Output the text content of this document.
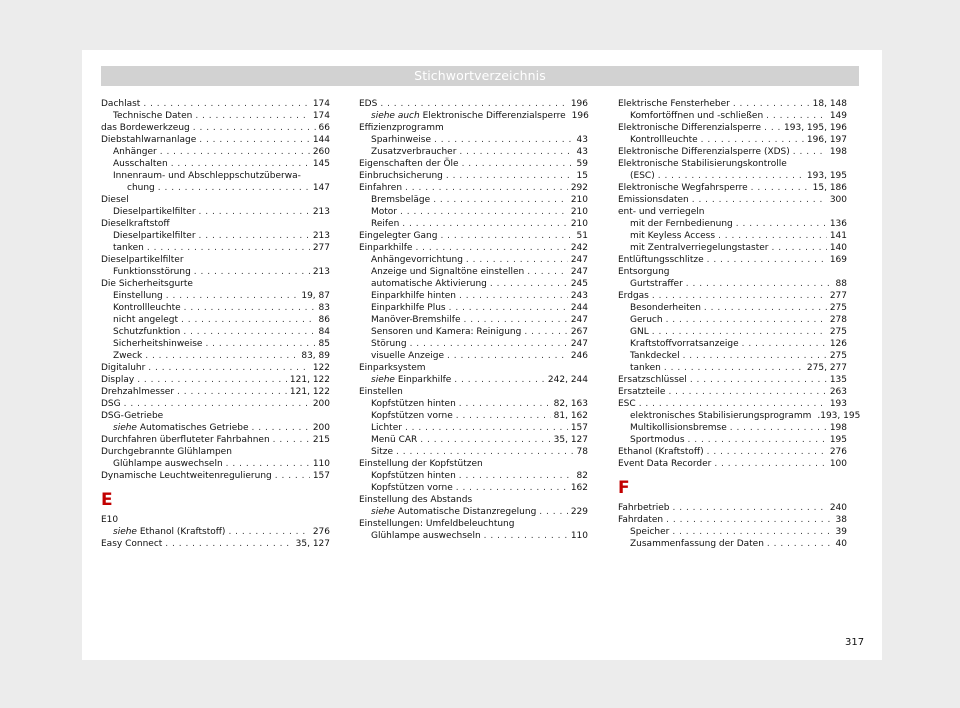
Stichwortverzeichnis
Dachlast . . .	174
Technische Daten . . .	174
das Bordewerkzeug . . .	66
Diebstahlwarnanlage . . .	144
Anhänger . . .	260
Ausschalten . . .	145
Innenraum- und Abschleppschutzüberwa-
chung . . .	147
Diesel
Dieselpartikelfilter . . .	213
Dieselkraftstoff
Dieselpartikelfilter . . .	213
tanken . . .	277
Dieselpartikelfilter
Funktionsstörung . . .	213
Die Sicherheitsgurte
Einstellung . . .	19, 87
Kontrollleuchte . . .	83
nicht angelegt . . .	86
Schutzfunktion . . .	84
Sicherheitshinweise . . .	85
Zweck . . .	83, 89
Digitaluhr . . .	122
Display . . .	121, 122
Drehzahlmesser . . .	121, 122
DSG . . .	200
DSG-Getriebe
siehe Automatisches Getriebe . . .	200
Durchfahren überfluteter Fahrbahnen . . .	215
Durchgebrannte Glühlampen
Glühlampe auswechseln . . .	110
Dynamische Leuchtweitenregulierung . . .	157
E
E10
siehe Ethanol (Kraftstoff) . . .	276
Easy Connect . . .	35, 127
EDS . . .	196
siehe auch Elektronische Differenzialsperre 196
Effizienzprogramm
Sparhinweise . . .	43
Zusatzverbraucher . . .	43
Eigenschaften der Öle . . .	59
Einbruchsicherung . . .	15
Einfahren . . .	292
Bremsbeläge . . .	210
Motor . . .	210
Reifen . . .	210
Eingelegter Gang . . .	51
Einparkhilfe . . .	242
Anhängevorrichtung . . .	247
Anzeige und Signaltöne einstellen . . .	247
automatische Aktivierung . . .	245
Einparkhilfe hinten . . .	243
Einparkhilfe Plus . . .	244
Manöver-Bremshilfe . . .	247
Sensoren und Kamera: Reinigung . . .	267
Störung . . .	247
visuelle Anzeige . . .	246
Einparksystem
siehe Einparkhilfe . . .	242, 244
Einstellen
Kopfstützen hinten . . .	82, 163
Kopfstützen vorne . . .	81, 162
Lichter . . .	157
Menü CAR . . .	35, 127
Sitze . . .	78
Einstellung der Kopfstützen
Kopfstützen hinten . . .	82
Kopfstützen vorne . . .	162
Einstellung des Abstands
siehe Automatische Distanzregelung . . .	229
Einstellungen: Umfeldbeleuchtung
Glühlampe auswechseln . . .	110
Elektrische Fensterheber . . .	18, 148
Komfortöffnen und -schließen . . .	149
Elektronische Differenzialsperre . . .	193, 195, 196
Kontrollleuchte . . .	196, 197
Elektronische Differenzialsperre (XDS) . . .	198
Elektronische Stabilisierungskontrolle
(ESC) . . .	193, 195
Elektronische Wegfahrsperre . . .	15, 186
Emissionsdaten . . .	300
ent- und verriegeln
mit der Fernbedienung . . .	136
mit Keyless Access . . .	141
mit Zentralverriegelungstaster . . .	140
Entlüftungsschlitze . . .	169
Entsorgung
Gurtstraffer . . .	88
Erdgas . . .	277
Besonderheiten . . .	275
Geruch . . .	278
GNL . . .	275
Kraftstoffvorratsanzeige . . .	126
Tankdeckel . . .	275
tanken . . .	275, 277
Ersatzschlüssel . . .	135
Ersatzteile . . .	263
ESC . . .	193
elektronisches Stabilisierungsprogramm .193, 195
Multikollisionsbremse . . .	198
Sportmodus . . .	195
Ethanol (Kraftstoff) . . .	276
Event Data Recorder . . .	100
F
Fahrbetrieb . . .	240
Fahrdaten . . .	38
Speicher . . .	39
Zusammenfassung der Daten . . .	40
317
